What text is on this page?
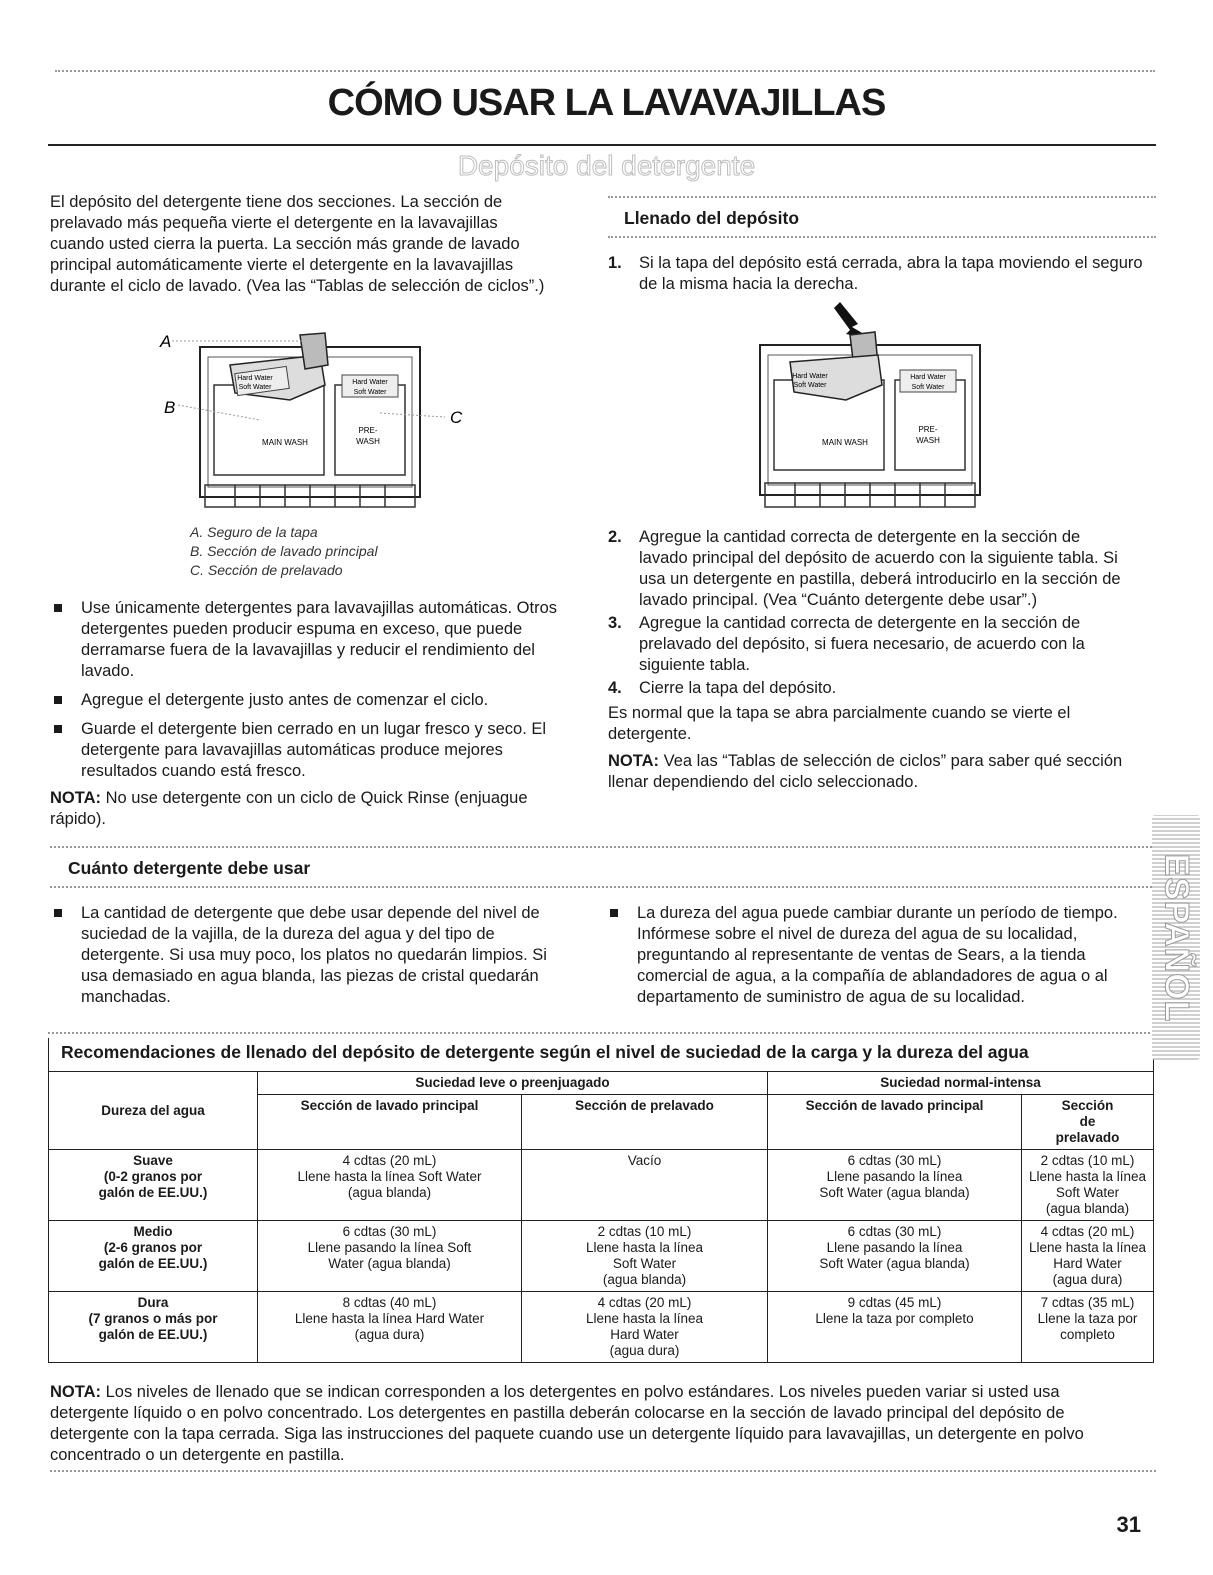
CÓMO USAR LA LAVAVAJILLAS
Depósito del detergente
El depósito del detergente tiene dos secciones. La sección de prelavado más pequeña vierte el detergente en la lavavajillas cuando usted cierra la puerta. La sección más grande de lavado principal automáticamente vierte el detergente en la lavavajillas durante el ciclo de lavado. (Vea las “Tablas de selección de ciclos”.)
Hard Water
Soft Water
Hard Water
Soft Water
MAIN WASH
PRE-
WASH
A
B
C
A. Seguro de la tapa
B. Sección de lavado principal
C. Sección de prelavado
Use únicamente detergentes para lavavajillas automáticas. Otros detergentes pueden producir espuma en exceso, que puede derramarse fuera de la lavavajillas y reducir el rendimiento del lavado.
Agregue el detergente justo antes de comenzar el ciclo.
Guarde el detergente bien cerrado en un lugar fresco y seco. El detergente para lavavajillas automáticas produce mejores resultados cuando está fresco.
NOTA: No use detergente con un ciclo de Quick Rinse (enjuague rápido).
Llenado del depósito
1. Si la tapa del depósito está cerrada, abra la tapa moviendo el seguro de la misma hacia la derecha.
Hard Water
Soft Water
Hard Water
Soft Water
MAIN WASH
PRE-
WASH
2. Agregue la cantidad correcta de detergente en la sección de lavado principal del depósito de acuerdo con la siguiente tabla. Si usa un detergente en pastilla, deberá introducirlo en la sección de lavado principal. (Vea “Cuánto detergente debe usar”.)
3. Agregue la cantidad correcta de detergente en la sección de prelavado del depósito, si fuera necesario, de acuerdo con la siguiente tabla.
4. Cierre la tapa del depósito.
Es normal que la tapa se abra parcialmente cuando se vierte el detergente.
NOTA: Vea las “Tablas de selección de ciclos” para saber qué sección llenar dependiendo del ciclo seleccionado.
Cuánto detergente debe usar
La cantidad de detergente que debe usar depende del nivel de suciedad de la vajilla, de la dureza del agua y del tipo de detergente. Si usa muy poco, los platos no quedarán limpios. Si usa demasiado en agua blanda, las piezas de cristal quedarán manchadas.
La dureza del agua puede cambiar durante un período de tiempo. Infórmese sobre el nivel de dureza del agua de su localidad, preguntando al representante de ventas de Sears, a la tienda comercial de agua, a la compañía de ablandadores de agua o al departamento de suministro de agua de su localidad.
Recomendaciones de llenado del depósito de detergente según el nivel de suciedad de la carga y la dureza del agua
Dureza del agua	Suciedad leve o preenjuagado		Suciedad normal-intensa	
	Sección de lavado principal	Sección de prelavado	Sección de lavado principal	Sección de prelavado
Suave
(0-2 granos por
galón de EE.UU.)	4 cdtas (20 mL)
Llene hasta la línea Soft Water
(agua blanda)	Vacío	6 cdtas (30 mL)
Llene pasando la línea
Soft Water (agua blanda)	2 cdtas (10 mL)
Llene hasta la línea
Soft Water
(agua blanda)
Medio
(2-6 granos por
galón de EE.UU.)	6 cdtas (30 mL)
Llene pasando la línea Soft
Water (agua blanda)	2 cdtas (10 mL)
Llene hasta la línea
Soft Water
(agua blanda)	6 cdtas (30 mL)
Llene pasando la línea
Soft Water (agua blanda)	4 cdtas (20 mL)
Llene hasta la línea
Hard Water
(agua dura)
Dura
(7 granos o más por
galón de EE.UU.)	8 cdtas (40 mL)
Llene hasta la línea Hard Water
(agua dura)	4 cdtas (20 mL)
Llene hasta la línea
Hard Water
(agua dura)	9 cdtas (45 mL)
Llene la taza por completo	7 cdtas (35 mL)
Llene la taza por
completo
NOTA: Los niveles de llenado que se indican corresponden a los detergentes en polvo estándares. Los niveles pueden variar si usted usa detergente líquido o en polvo concentrado. Los detergentes en pastilla deberán colocarse en la sección de lavado principal del depósito de detergente con la tapa cerrada. Siga las instrucciones del paquete cuando use un detergente líquido para lavavajillas, un detergente en polvo concentrado o un detergente en pastilla.
ESPAÑOL
31
